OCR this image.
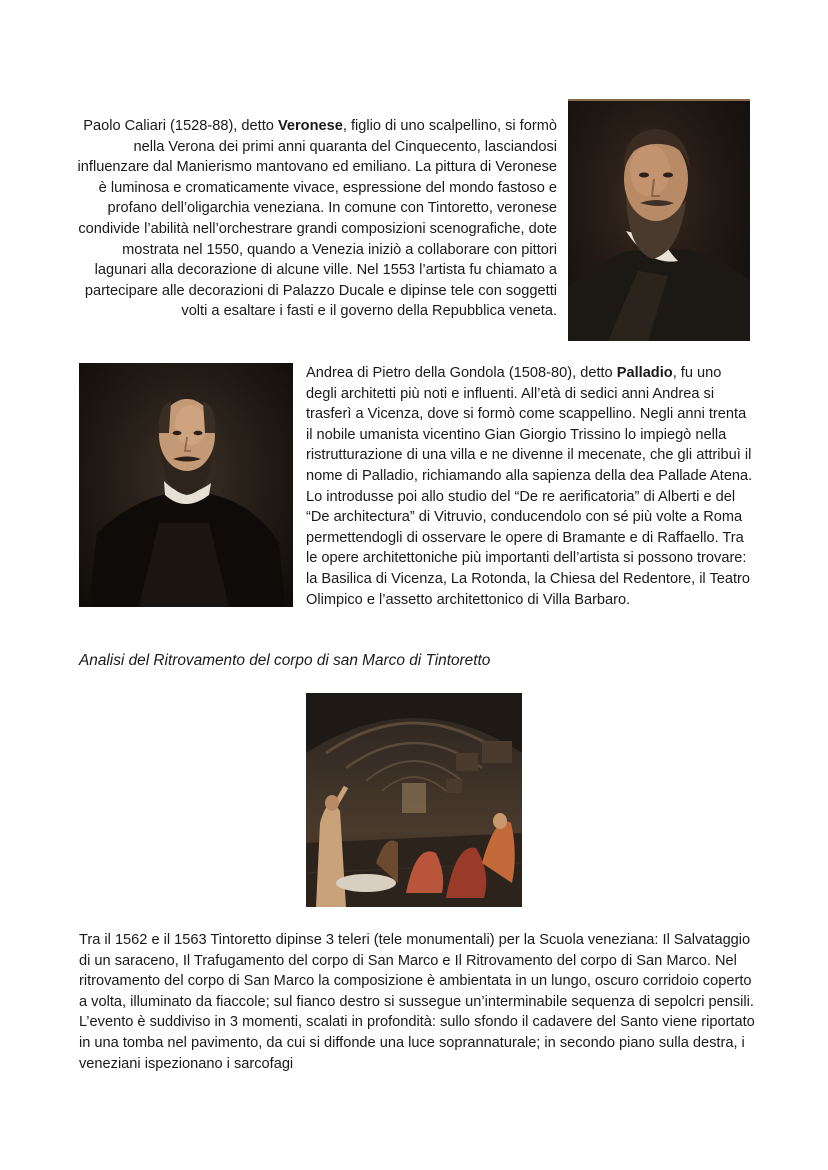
Paolo Caliari (1528-88), detto Veronese, figlio di uno scalpellino, si formò nella Verona dei primi anni quaranta del Cinquecento, lasciandosi influenzare dal Manierismo mantovano ed emiliano. La pittura di Veronese è luminosa e cromaticamente vivace, espressione del mondo fastoso e profano dell’oligarchia veneziana. In comune con Tintoretto, veronese condivide l’abilità nell’orchestrare grandi composizioni scenografiche, dote mostrata nel 1550, quando a Venezia iniziò a collaborare con pittori lagunari alla decorazione di alcune ville. Nel 1553 l’artista fu chiamato a partecipare alle decorazioni di Palazzo Ducale e dipinse tele con soggetti volti a esaltare i fasti e il governo della Repubblica veneta.

Andrea di Pietro della Gondola (1508-80), detto Palladio, fu uno degli architetti più noti e influenti. All’età di sedici anni Andrea si trasferì a Vicenza, dove si formò come scappellino. Negli anni trenta il nobile umanista vicentino Gian Giorgio Trissino lo impiegò nella ristrutturazione di una villa e ne divenne il mecenate, che gli attribuì il nome di Palladio, richiamando alla sapienza della dea Pallade Atena. Lo introdusse poi allo studio del “De re aerificatoria” di Alberti e del “De architectura” di Vitruvio, conducendolo con sé più volte a Roma permettendogli di osservare le opere di Bramante e di Raffaello. Tra le opere architettoniche più importanti dell’artista si possono trovare: la Basilica di Vicenza, La Rotonda, la Chiesa del Redentore, il Teatro Olimpico e l’assetto architettonico di Villa Barbaro.

Analisi del Ritrovamento del corpo di san Marco di Tintoretto

Tra il 1562 e il 1563 Tintoretto dipinse 3 teleri (tele monumentali) per la Scuola veneziana: Il Salvataggio di un saraceno, Il Trafugamento del corpo di San Marco e Il Ritrovamento del corpo di San Marco. Nel ritrovamento del corpo di San Marco la composizione è ambientata in un lungo, oscuro corridoio coperto a volta, illuminato da fiaccole; sul fianco destro si sussegue un’interminabile sequenza di sepolcri pensili. L’evento è suddiviso in 3 momenti, scalati in profondità: sullo sfondo il cadavere del Santo viene riportato in una tomba nel pavimento, da cui si diffonde una luce soprannaturale; in secondo piano sulla destra, i veneziani ispezionano i sarcofagi
